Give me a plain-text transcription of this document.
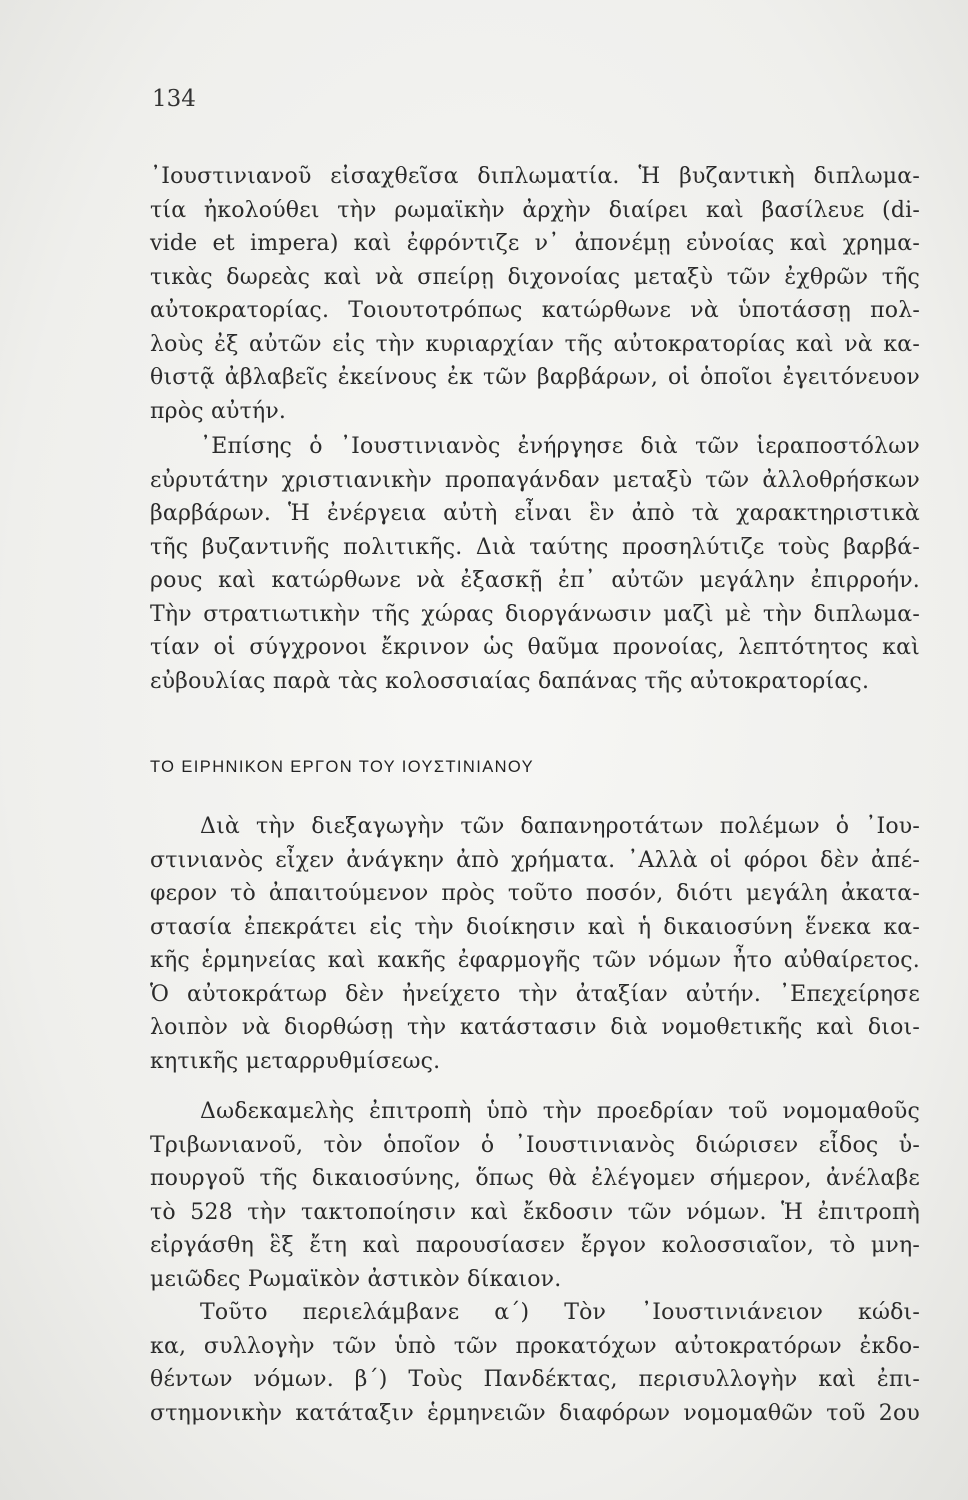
134
᾿Ιουστινιανοῦ εἰσαχθεῖσα διπλωματία. Ἡ βυζαντικὴ διπλωμα-
τία ἠκολούθει τὴν ρωμαϊκὴν ἀρχὴν διαίρει καὶ βασίλευε (di-
vide et impera) καὶ ἐφρόντιζε ν᾿ ἀπονέμῃ εὐνοίας καὶ χρημα-
τικὰς δωρεὰς καὶ νὰ σπείρῃ διχονοίας μεταξὺ τῶν ἐχθρῶν τῆς
αὐτοκρατορίας. Τοιουτοτρόπως κατώρθωνε νὰ ὑποτάσσῃ πολ-
λοὺς ἐξ αὐτῶν εἰς τὴν κυριαρχίαν τῆς αὐτοκρατορίας καὶ νὰ κα-
θιστᾷ ἀβλαβεῖς ἐκείνους ἐκ τῶν βαρβάρων, οἱ ὁποῖοι ἐγειτόνευον
πρὸς αὐτήν.
᾿Επίσης ὁ ᾿Ιουστινιανὸς ἐνήργησε διὰ τῶν ἱεραποστόλων
εὐρυτάτην χριστιανικὴν προπαγάνδαν μεταξὺ τῶν ἀλλοθρήσκων
βαρβάρων. Ἡ ἐνέργεια αὐτὴ εἶναι ἓν ἀπὸ τὰ χαρακτηριστικὰ
τῆς βυζαντινῆς πολιτικῆς. Διὰ ταύτης προσηλύτιζε τοὺς βαρβά-
ρους καὶ κατώρθωνε νὰ ἐξασκῇ ἐπ᾿ αὐτῶν μεγάλην ἐπιρροήν.
Τὴν στρατιωτικὴν τῆς χώρας διοργάνωσιν μαζὶ μὲ τὴν διπλωμα-
τίαν οἱ σύγχρονοι ἔκρινον ὡς θαῦμα προνοίας, λεπτότητος καὶ
εὐβουλίας παρὰ τὰς κολοσσιαίας δαπάνας τῆς αὐτοκρατορίας.
ΤΟ ΕΙΡΗΝΙΚΟΝ ΕΡΓΟΝ ΤΟΥ ΙΟΥΣΤΙΝΙΑΝΟΥ
Διὰ τὴν διεξαγωγὴν τῶν δαπανηροτάτων πολέμων ὁ ᾿Ιου-
στινιανὸς εἶχεν ἀνάγκην ἀπὸ χρήματα. ᾿Αλλὰ οἱ φόροι δὲν ἀπέ-
φερον τὸ ἀπαιτούμενον πρὸς τοῦτο ποσόν, διότι μεγάλη ἀκατα-
στασία ἐπεκράτει εἰς τὴν διοίκησιν καὶ ἡ δικαιοσύνη ἕνεκα κα-
κῆς ἑρμηνείας καὶ κακῆς ἐφαρμογῆς τῶν νόμων ἦτο αὐθαίρετος.
Ὁ αὐτοκράτωρ δὲν ἠνείχετο τὴν ἀταξίαν αὐτήν. ᾿Επεχείρησε
λοιπὸν νὰ διορθώσῃ τὴν κατάστασιν διὰ νομοθετικῆς καὶ διοι-
κητικῆς μεταρρυθμίσεως.
Δωδεκαμελὴς ἐπιτροπὴ ὑπὸ τὴν προεδρίαν τοῦ νομομαθοῦς
Τριβωνιανοῦ, τὸν ὁποῖον ὁ ᾿Ιουστινιανὸς διώρισεν εἶδος ὑ-
πουργοῦ τῆς δικαιοσύνης, ὅπως θὰ ἐλέγομεν σήμερον, ἀνέλαβε
τὸ 528 τὴν τακτοποίησιν καὶ ἔκδοσιν τῶν νόμων. Ἡ ἐπιτροπὴ
εἰργάσθη ἓξ ἔτη καὶ παρουσίασεν ἔργον κολοσσιαῖον, τὸ μνη-
μειῶδες Ρωμαϊκὸν ἀστικὸν δίκαιον.
Τοῦτο περιελάμβανε α΄) Τὸν ᾿Ιουστινιάνειον κώδι-
κα, συλλογὴν τῶν ὑπὸ τῶν προκατόχων αὐτοκρατόρων ἐκδο-
θέντων νόμων. β΄) Τοὺς Πανδέκτας, περισυλλογὴν καὶ ἐπι-
στημονικὴν κατάταξιν ἑρμηνειῶν διαφόρων νομομαθῶν τοῦ 2ου
